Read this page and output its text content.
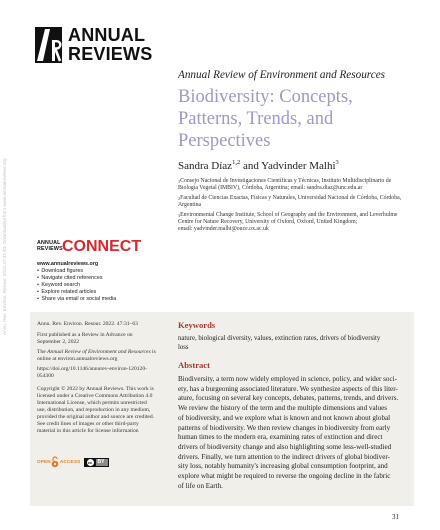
Annu. Rev. Environ. Resour. 2022.47:31-63. Downloaded from www.annualreviews.org
ANNUAL
REVIEWS
Annual Review of Environment and Resources
Biodiversity: Concepts,
Patterns, Trends, and
Perspectives
Sandra Díaz$^{1,2}$ and Yadvinder Malhi$^3$
$^1$Consejo Nacional de Investigaciones Científicas y Técnicas, Instituto Multidisciplinario de
Biología Vegetal (IMBIV), Córdoba, Argentina; email: sandra.diaz@unc.edu.ar
$^2$Facultad de Ciencias Exactas, Físicas y Naturales, Universidad Nacional de Córdoba, Córdoba,
Argentina
$^3$Environmental Change Institute, School of Geography and the Environment, and Leverhulme
Centre for Nature Recovery, University of Oxford, Oxford, United Kingdom;
email: yadvinder.malhi@ouce.ox.ac.uk
ANNUAL
REVIEWS CONNECT
www.annualreviews.org
• Download figures
• Navigate cited references
• Keyword search
• Explore related articles
• Share via email or social media
Annu. Rev. Environ. Resour. 2022. 47:31–63
First published as a Review in Advance on
September 2, 2022
The Annual Review of Environment and Resources is
online at environ.annualreviews.org
https://doi.org/10.1146/annurev-environ-120120-
054300
Copyright © 2022 by Annual Reviews. This work is
licensed under a Creative Commons Attribution 4.0
International License, which permits unrestricted
use, distribution, and reproduction in any medium,
provided the original author and source are credited.
See credit lines of images or other third-party
material in this article for license information
OPEN ACCESS	cc BY
Keywords
nature, biological diversity, values, extinction rates, drivers of biodiversity
loss
Abstract
Biodiversity, a term now widely employed in science, policy, and wider soci-
ety, has a burgeoning associated literature. We synthesize aspects of this liter-
ature, focusing on several key concepts, debates, patterns, trends, and drivers.
We review the history of the term and the multiple dimensions and values
of biodiversity, and we explore what is known and not known about global
patterns of biodiversity. We then review changes in biodiversity from early
human times to the modern era, examining rates of extinction and direct
drivers of biodiversity change and also highlighting some less-well-studied
drivers. Finally, we turn attention to the indirect drivers of global biodiver-
sity loss, notably humanity's increasing global consumption footprint, and
explore what might be required to reverse the ongoing decline in the fabric
of life on Earth.
31
